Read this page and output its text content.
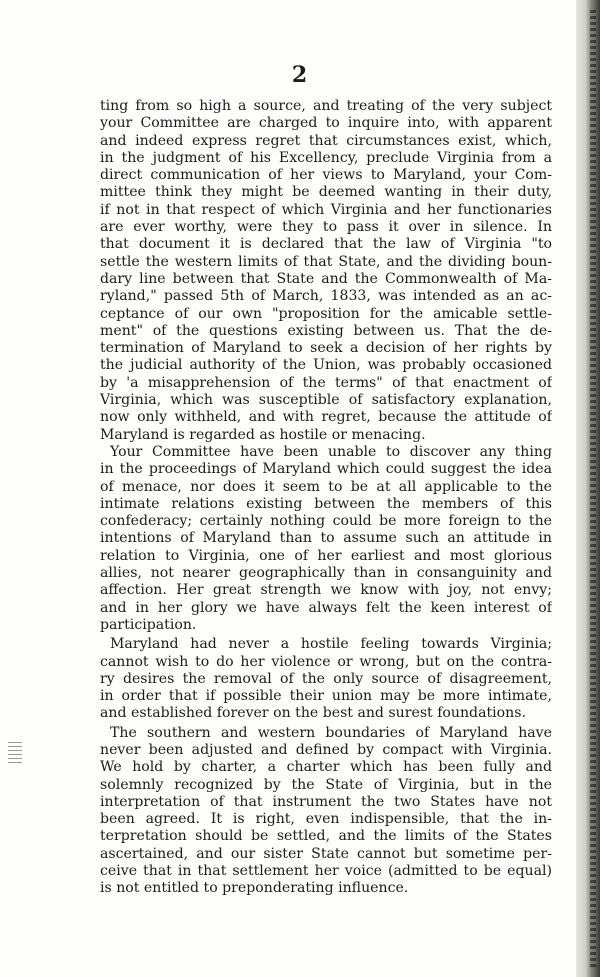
2
ting from so high a source, and treating of the very subject
your Committee are charged to inquire into, with apparent
and indeed express regret that circumstances exist, which,
in the judgment of his Excellency, preclude Virginia from a
direct communication of her views to Maryland, your Com-
mittee think they might be deemed wanting in their duty,
if not in that respect of which Virginia and her functionaries
are ever worthy, were they to pass it over in silence. In
that document it is declared that the law of Virginia "to
settle the western limits of that State, and the dividing boun-
dary line between that State and the Commonwealth of Ma-
ryland," passed 5th of March, 1833, was intended as an ac-
ceptance of our own "proposition for the amicable settle-
ment" of the questions existing between us. That the de-
termination of Maryland to seek a decision of her rights by
the judicial authority of the Union, was probably occasioned
by 'a misapprehension of the terms" of that enactment of
Virginia, which was susceptible of satisfactory explanation,
now only withheld, and with regret, because the attitude of
Maryland is regarded as hostile or menacing.
Your Committee have been unable to discover any thing
in the proceedings of Maryland which could suggest the idea
of menace, nor does it seem to be at all applicable to the
intimate relations existing between the members of this
confederacy; certainly nothing could be more foreign to the
intentions of Maryland than to assume such an attitude in
relation to Virginia, one of her earliest and most glorious
allies, not nearer geographically than in consanguinity and
affection. Her great strength we know with joy, not envy;
and in her glory we have always felt the keen interest of
participation.
Maryland had never a hostile feeling towards Virginia;
cannot wish to do her violence or wrong, but on the contra-
ry desires the removal of the only source of disagreement,
in order that if possible their union may be more intimate,
and established forever on the best and surest foundations.
The southern and western boundaries of Maryland have
never been adjusted and defined by compact with Virginia.
We hold by charter, a charter which has been fully and
solemnly recognized by the State of Virginia, but in the
interpretation of that instrument the two States have not
been agreed. It is right, even indispensible, that the in-
terpretation should be settled, and the limits of the States
ascertained, and our sister State cannot but sometime per-
ceive that in that settlement her voice (admitted to be equal)
is not entitled to preponderating influence.
